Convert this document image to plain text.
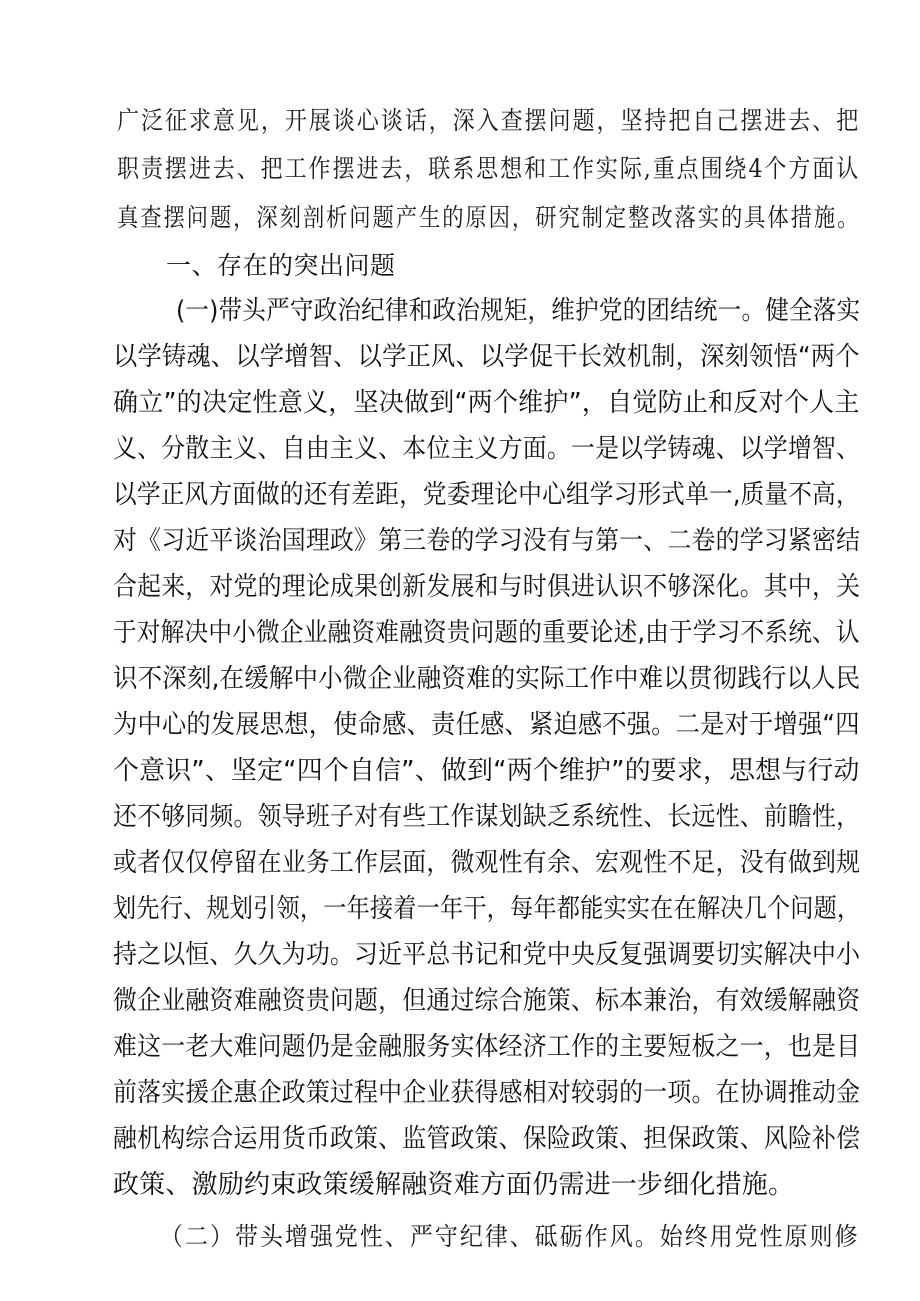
广泛征求意见，开展谈心谈话，深入查摆问题，坚持把自己摆进去、把

职责摆进去、把工作摆进去，联系思想和工作实际,重点围绕4个方面认

真查摆问题，深刻剖析问题产生的原因，研究制定整改落实的具体措施。

一、存在的突出问题

(一)带头严守政治纪律和政治规矩，维护党的团结统一。健全落实

以学铸魂、以学增智、以学正风、以学促干长效机制，深刻领悟“两个

确立”的决定性意义，坚决做到“两个维护”，自觉防止和反对个人主

义、分散主义、自由主义、本位主义方面。一是以学铸魂、以学增智、

以学正风方面做的还有差距，党委理论中心组学习形式单一,质量不高，

对《习近平谈治国理政》第三卷的学习没有与第一、二卷的学习紧密结

合起来，对党的理论成果创新发展和与时俱进认识不够深化。其中，关

于对解决中小微企业融资难融资贵问题的重要论述,由于学习不系统、认

识不深刻,在缓解中小微企业融资难的实际工作中难以贯彻践行以人民

为中心的发展思想，使命感、责任感、紧迫感不强。二是对于增强“四

个意识”、坚定“四个自信”、做到“两个维护”的要求，思想与行动

还不够同频。领导班子对有些工作谋划缺乏系统性、长远性、前瞻性，

或者仅仅停留在业务工作层面，微观性有余、宏观性不足，没有做到规

划先行、规划引领，一年接着一年干，每年都能实实在在解决几个问题，

持之以恒、久久为功。习近平总书记和党中央反复强调要切实解决中小

微企业融资难融资贵问题，但通过综合施策、标本兼治，有效缓解融资

难这一老大难问题仍是金融服务实体经济工作的主要短板之一，也是目

前落实援企惠企政策过程中企业获得感相对较弱的一项。在协调推动金

融机构综合运用货币政策、监管政策、保险政策、担保政策、风险补偿

政策、激励约束政策缓解融资难方面仍需进一步细化措施。

（二）带头增强党性、严守纪律、砥砺作风。始终用党性原则修
